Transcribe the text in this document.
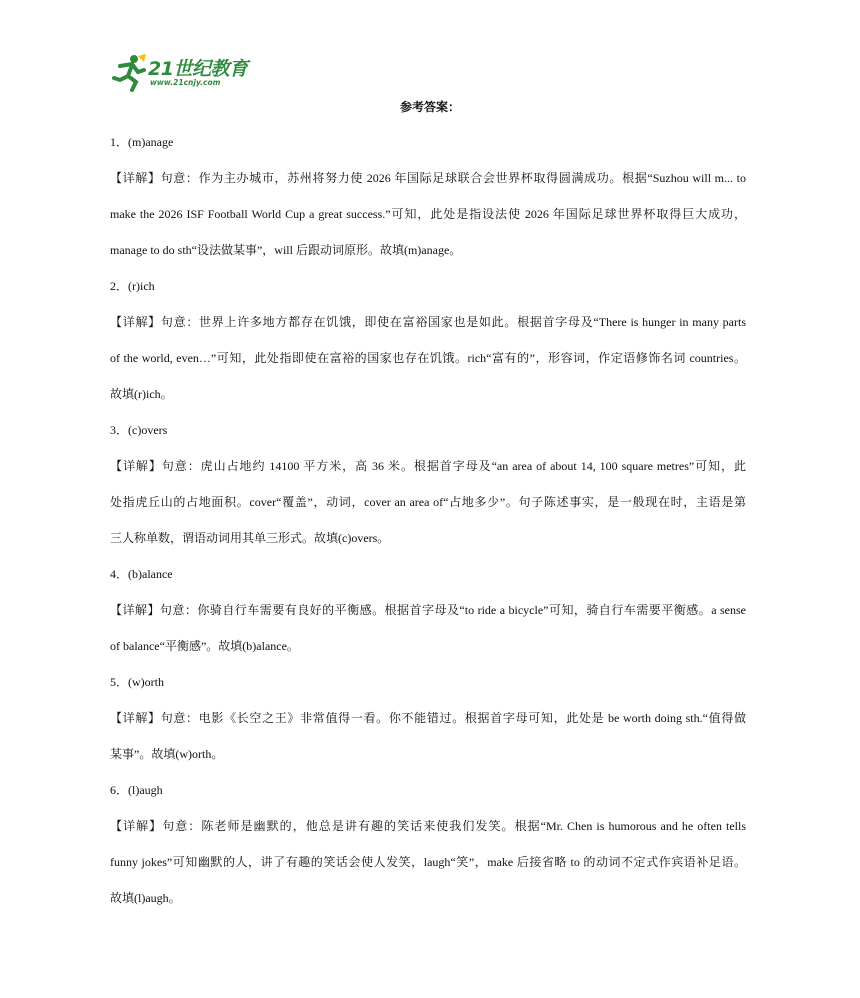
21世纪教育
www.21cnjy.com
参考答案：
1．(m)anage
【详解】句意：作为主办城市，苏州将努力使 2026 年国际足球联合会世界杯取得圆满成功。根据“Suzhou will m... to
make the 2026 ISF Football World Cup a great success.”可知，此处是指设法使 2026 年国际足球世界杯取得巨大成功，
manage to do sth“设法做某事”，will 后跟动词原形。故填(m)anage。
2．(r)ich
【详解】句意：世界上许多地方都存在饥饿，即使在富裕国家也是如此。根据首字母及“There is hunger in many parts
of the world, even…”可知，此处指即使在富裕的国家也存在饥饿。rich“富有的”，形容词，作定语修饰名词 countries。
故填(r)ich。
3．(c)overs
【详解】句意：虎山占地约 14100 平方米，高 36 米。根据首字母及“an area of about 14, 100 square metres”可知，此
处指虎丘山的占地面积。cover“覆盖”，动词，cover an area of“占地多少”。句子陈述事实，是一般现在时，主语是第
三人称单数，谓语动词用其单三形式。故填(c)overs。
4．(b)alance
【详解】句意：你骑自行车需要有良好的平衡感。根据首字母及“to ride a bicycle”可知，骑自行车需要平衡感。a sense
of balance“平衡感”。故填(b)alance。
5．(w)orth
【详解】句意：电影《长空之王》非常值得一看。你不能错过。根据首字母可知，此处是 be worth doing sth.“值得做
某事”。故填(w)orth。
6．(l)augh
【详解】句意：陈老师是幽默的，他总是讲有趣的笑话来使我们发笑。根据“Mr. Chen is humorous and he often tells
funny jokes”可知幽默的人，讲了有趣的笑话会使人发笑，laugh“笑”，make 后接省略 to 的动词不定式作宾语补足语。
故填(l)augh。
